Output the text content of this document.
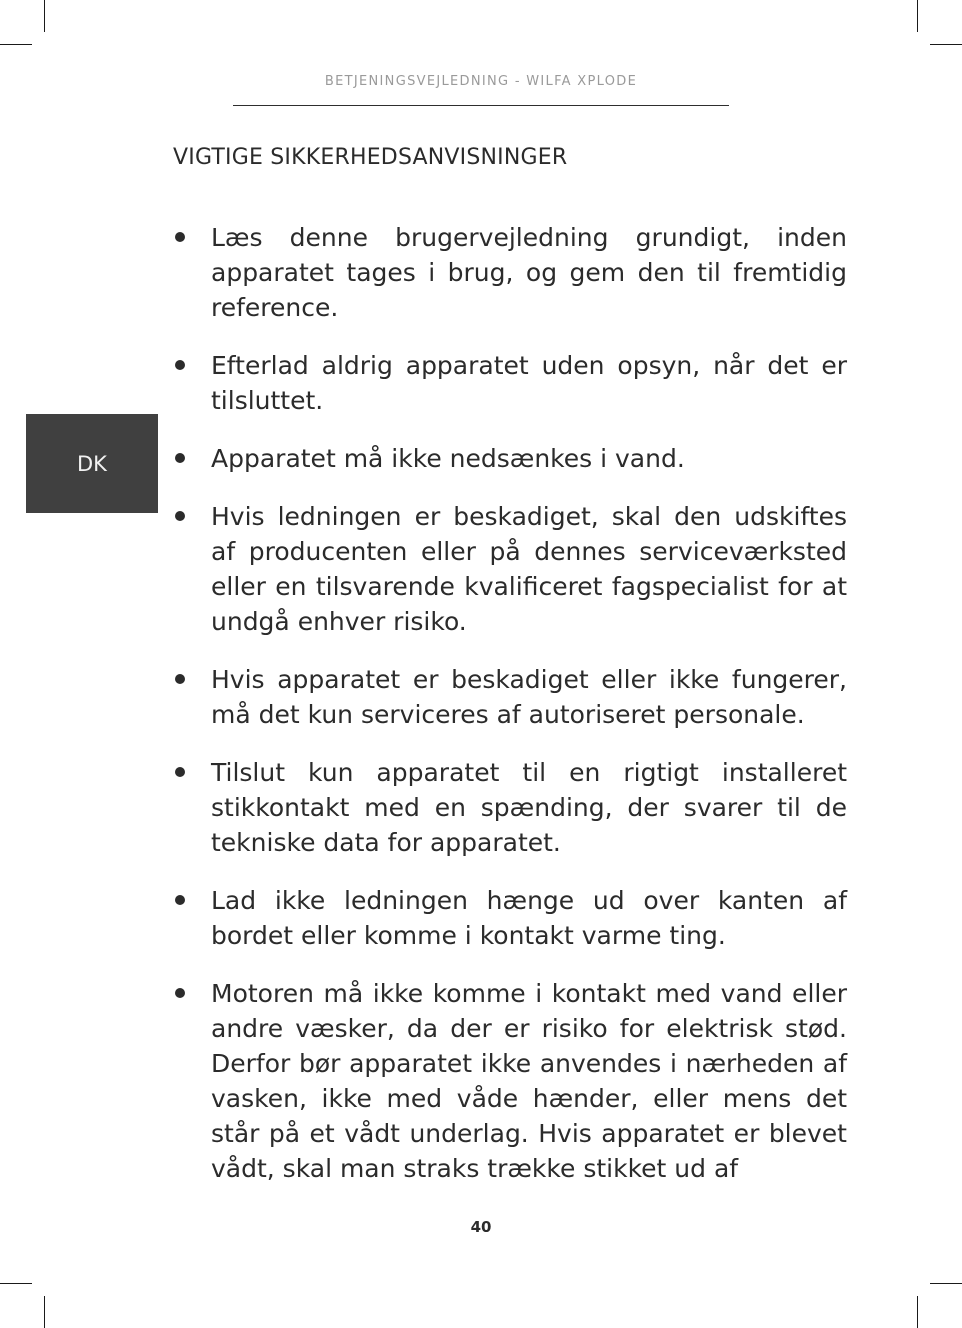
BETJENINGSVEJLEDNING - WILFA XPLODE
VIGTIGE SIKKERHEDSANVISNINGER
DK
Læs denne brugervejledning grundigt, inden apparatet tages i brug, og gem den til fremtidig reference.
Efterlad aldrig apparatet uden opsyn, når det er tilsluttet.
Apparatet må ikke nedsænkes i vand.
Hvis ledningen er beskadiget, skal den udskiftes af producenten eller på dennes serviceværksted eller en tilsvarende kvalificeret fagspecialist for at undgå enhver risiko.
Hvis apparatet er beskadiget eller ikke fungerer, må det kun serviceres af autoriseret personale.
Tilslut kun apparatet til en rigtigt installeret stikkontakt med en spænding, der svarer til de tekniske data for apparatet.
Lad ikke ledningen hænge ud over kanten af bordet eller komme i kontakt varme ting.
Motoren må ikke komme i kontakt med vand eller andre væsker, da der er risiko for elektrisk stød. Derfor bør apparatet ikke anvendes i nærheden af vasken, ikke med våde hænder, eller mens det står på et vådt underlag. Hvis apparatet er blevet vådt, skal man straks trække stikket ud af
40
